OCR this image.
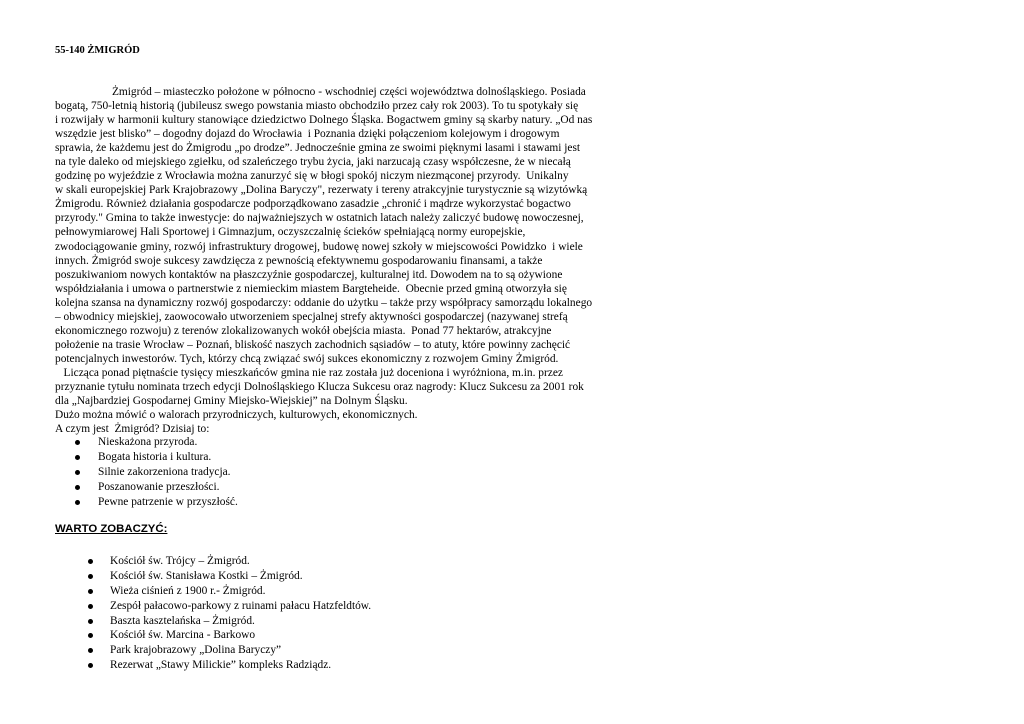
55-140 ŻMIGRÓD
Żmigród – miasteczko położone w północno - wschodniej części województwa dolnośląskiego. Posiada
bogatą, 750-letnią historią (jubileusz swego powstania miasto obchodziło przez cały rok 2003). To tu spotykały się
i rozwijały w harmonii kultury stanowiące dziedzictwo Dolnego Śląska. Bogactwem gminy są skarby natury. „Od nas
wszędzie jest blisko” – dogodny dojazd do Wrocławia  i Poznania dzięki połączeniom kolejowym i drogowym
sprawia, że każdemu jest do Żmigrodu „po drodze”. Jednocześnie gmina ze swoimi pięknymi lasami i stawami jest
na tyle daleko od miejskiego zgiełku, od szaleńczego trybu życia, jaki narzucają czasy współczesne, że w niecałą
godzinę po wyjeździe z Wrocławia można zanurzyć się w błogi spokój niczym niezmąconej przyrody.  Unikalny
w skali europejskiej Park Krajobrazowy „Dolina Baryczy", rezerwaty i tereny atrakcyjnie turystycznie są wizytówką
Żmigrodu. Również działania gospodarcze podporządkowano zasadzie „chronić i mądrze wykorzystać bogactwo
przyrody." Gmina to także inwestycje: do najważniejszych w ostatnich latach należy zaliczyć budowę nowoczesnej,
pełnowymiarowej Hali Sportowej i Gimnazjum, oczyszczalnię ścieków spełniającą normy europejskie,
zwodociągowanie gminy, rozwój infrastruktury drogowej, budowę nowej szkoły w miejscowości Powidzko  i wiele
innych. Żmigród swoje sukcesy zawdzięcza z pewnością efektywnemu gospodarowaniu finansami, a także
poszukiwaniom nowych kontaktów na płaszczyźnie gospodarczej, kulturalnej itd. Dowodem na to są ożywione
współdziałania i umowa o partnerstwie z niemieckim miastem Bargteheide.  Obecnie przed gminą otworzyła się
kolejna szansa na dynamiczny rozwój gospodarczy: oddanie do użytku – także przy współpracy samorządu lokalnego
– obwodnicy miejskiej, zaowocowało utworzeniem specjalnej strefy aktywności gospodarczej (nazywanej strefą
ekonomicznego rozwoju) z terenów zlokalizowanych wokół obejścia miasta.  Ponad 77 hektarów, atrakcyjne
położenie na trasie Wrocław – Poznań, bliskość naszych zachodnich sąsiadów – to atuty, które powinny zachęcić
potencjalnych inwestorów. Tych, którzy chcą związać swój sukces ekonomiczny z rozwojem Gminy Żmigród.
Licząca ponad piętnaście tysięcy mieszkańców gmina nie raz została już doceniona i wyróżniona, m.in. przez
przyznanie tytułu nominata trzech edycji Dolnośląskiego Klucza Sukcesu oraz nagrody: Klucz Sukcesu za 2001 rok
dla „Najbardziej Gospodarnej Gminy Miejsko-Wiejskiej” na Dolnym Śląsku.
Dużo można mówić o walorach przyrodniczych, kulturowych, ekonomicznych.
A czym jest  Żmigród? Dzisiaj to:
Nieskażona przyroda.
Bogata historia i kultura.
Silnie zakorzeniona tradycja.
Poszanowanie przeszłości.
Pewne patrzenie w przyszłość.
WARTO ZOBACZYĆ:
Kościół św. Trójcy – Żmigród.
Kościół św. Stanisława Kostki – Żmigród.
Wieża ciśnień z 1900 r.- Żmigród.
Zespół pałacowo-parkowy z ruinami pałacu Hatzfeldtów.
Baszta kasztelańska – Żmigród.
Kościół św. Marcina - Barkowo
Park krajobrazowy „Dolina Baryczy”
Rezerwat „Stawy Milickie” kompleks Radziądz.
